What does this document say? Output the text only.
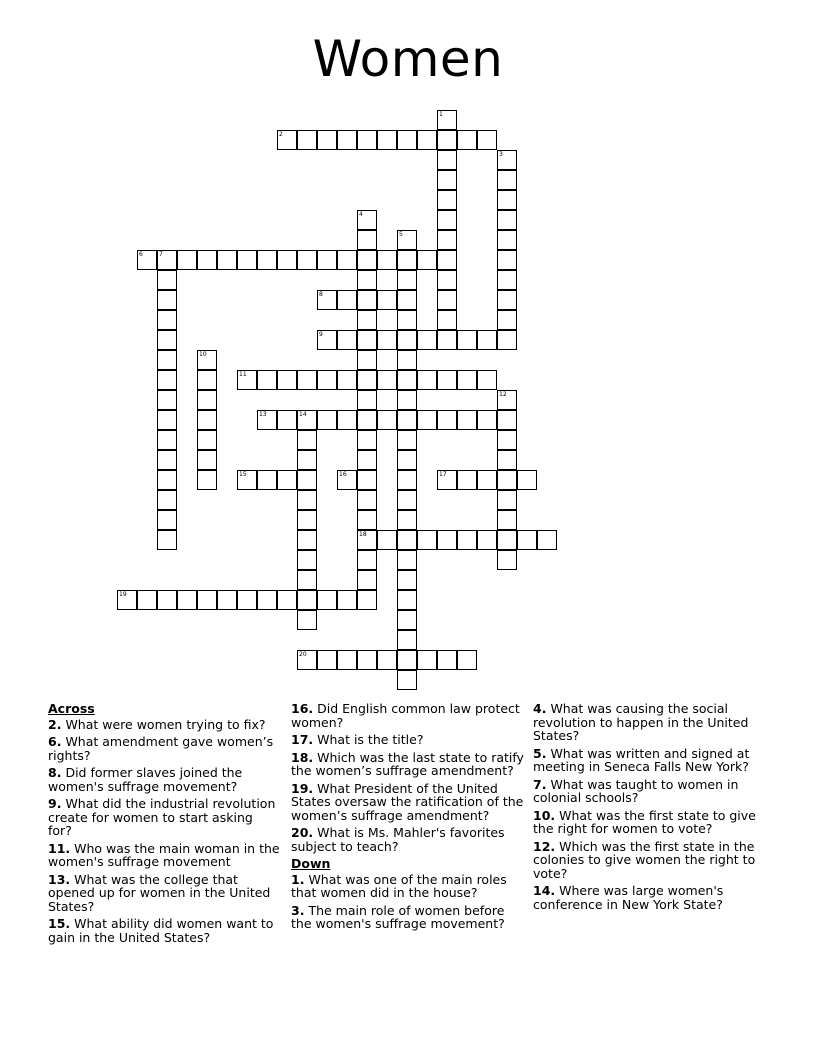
Women
1
2
3
4
5
6	7
8
9
10
11
12
13	14
15	16	17
18
19
20
Across
2. What were women trying to fix?
6. What amendment gave women’s rights?
8. Did former slaves joined the women's suffrage movement?
9. What did the industrial revolution create for women to start asking for?
11. Who was the main woman in the women's suffrage movement
13. What was the college that opened up for women in the United States?
15. What ability did women want to gain in the United States?
16. Did English common law protect women?
17. What is the title?
18. Which was the last state to ratify the women’s suffrage amendment?
19. What President of the United States oversaw the ratification of the women’s suffrage amendment?
20. What is Ms. Mahler's favorites subject to teach?
Down
1. What was one of the main roles that women did in the house?
3. The main role of women before the women's suffrage movement?
4. What was causing the social revolution to happen in the United States?
5. What was written and signed at meeting in Seneca Falls New York?
7. What was taught to women in colonial schools?
10. What was the first state to give the right for women to vote?
12. Which was the first state in the colonies to give women the right to vote?
14. Where was large women's conference in New York State?
